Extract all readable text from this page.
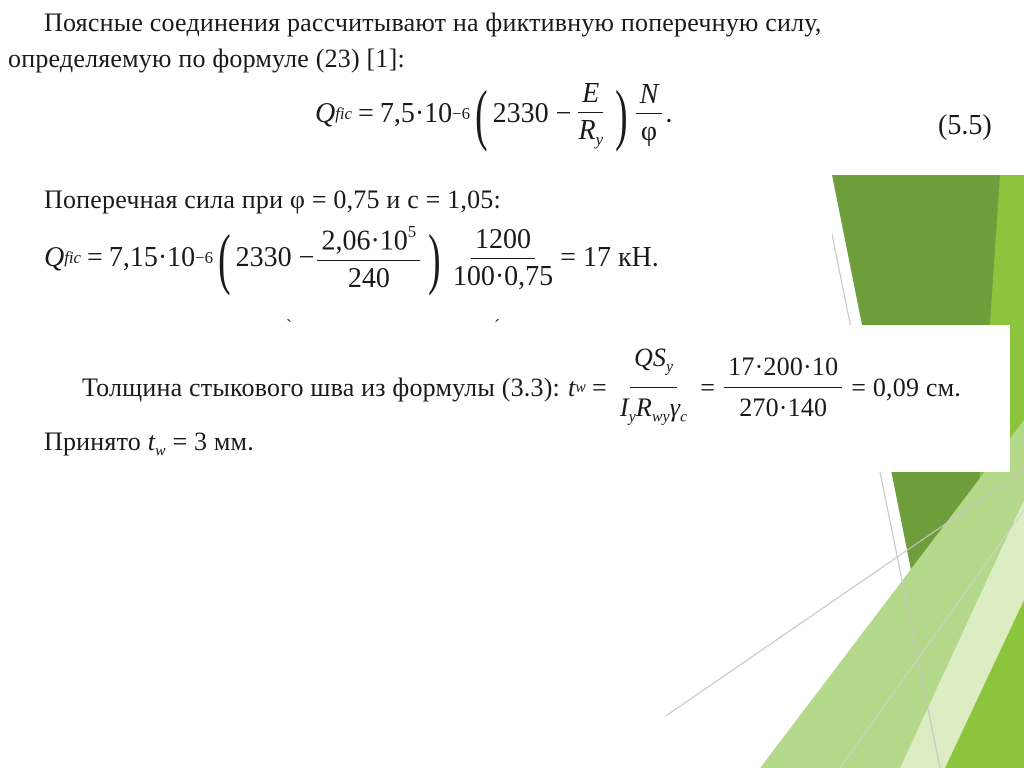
Поясные соединения рассчитывают на фиктивную поперечную силу,
определяемую по формуле (23) [1]:
Q fic = 7,5·10 −6 ( $2330 - \frac{E}{R_y}$ ) $\frac{N}{\varphi}$ .	(5.5)
Поперечная сила при φ = 0,75 и c = 1,05:
Q fic = 7,15·10 −6 ( $2330 - \frac{2,06\cdot 10^5}{240}$ ) $\frac{1200}{100\cdot 0,75} = 17$ кН.
ˋ	ˊ
Толщина стыкового шва из формулы (3.3): t $w = \frac{QS_y}{I_yR_{wy}\gamma_c} = \frac{17\cdot 200\cdot 10}{270\cdot 140} = 0,09$ см.
Принято $t_w = 3$ мм.
